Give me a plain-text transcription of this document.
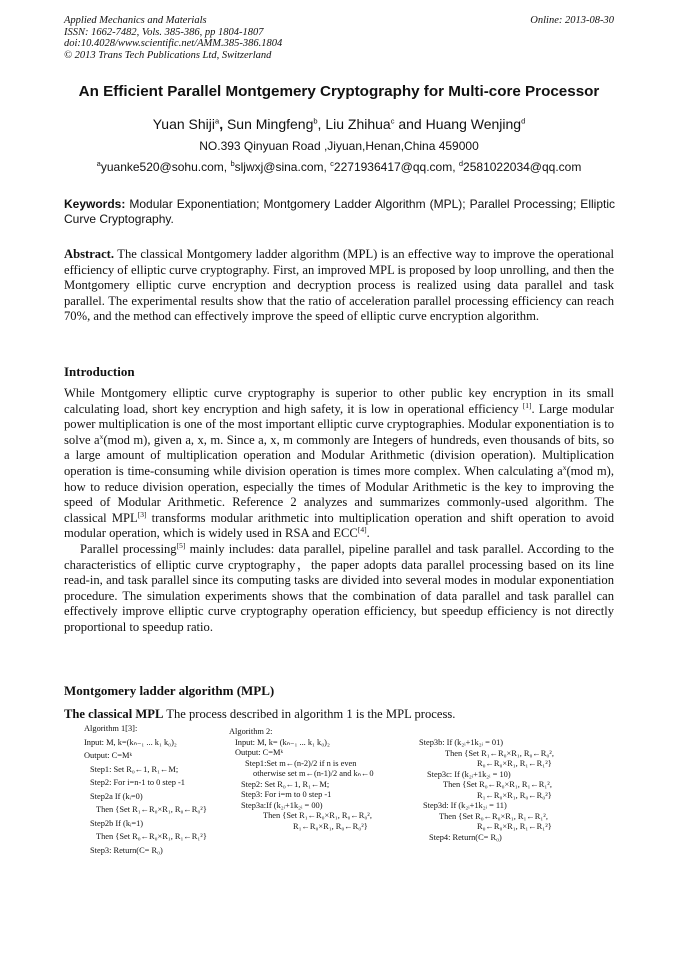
Applied Mechanics and Materials
ISSN: 1662-7482, Vols. 385-386, pp 1804-1807
doi:10.4028/www.scientific.net/AMM.385-386.1804
© 2013 Trans Tech Publications Ltd, Switzerland
Online: 2013-08-30
An Efficient Parallel Montgemery Cryptography for Multi-core Processor
Yuan Shiji$^a$, Sun Mingfeng$^b$, Liu Zhihua$^c$ and Huang Wenjing$^d$
NO.393 Qinyuan Road ,Jiyuan,Henan,China 459000
$^a$yuanke520@sohu.com, $^b$sljwxj@sina.com, $^c$2271936417@qq.com, $^d$2581022034@qq.com
Keywords: Modular Exponentiation; Montgomery Ladder Algorithm (MPL); Parallel Processing; Elliptic Curve Cryptography.
Abstract. The classical Montgomery ladder algorithm (MPL) is an effective way to improve the operational efficiency of elliptic curve cryptography. First, an improved MPL is proposed by loop unrolling, and then the Montgomery elliptic curve encryption and decryption process is realized using data parallel and task parallel. The experimental results show that the ratio of acceleration parallel processing efficiency can reach 70%, and the method can effectively improve the speed of elliptic curve encryption algorithm.
Introduction

While Montgomery elliptic curve cryptography is superior to other public key encryption in its small calculating load, short key encryption and high safety, it is low in operational efficiency [1]. Large modular power multiplication is one of the most important elliptic curve cryptographies. Modular exponentiation is to solve $a^x(mod$ m), given a, x, m. Since a, x, m commonly are Integers of hundreds, even thousands of bits, so a large amount of multiplication operation and Modular Arithmetic (division operation). Multiplication operation is time-consuming while division operation is times more complex. When calculating $a^x(mod$ m), how to reduce division operation, especially the times of Modular Arithmetic is the key to improving the speed of Modular Arithmetic. Reference 2 analyzes and summarizes commonly-used algorithm. The classical MPL[3] transforms modular arithmetic into multiplication operation and shift operation to avoid modular operation, which is widely used in RSA and ECC[4].

Parallel processing[5] mainly includes: data parallel, pipeline parallel and task parallel. According to the characteristics of elliptic curve cryptography，the paper adopts data parallel processing based on its line read-in, and task parallel since its computing tasks are divided into several modes in modular exponentiation procedure. The simulation experiments shows that the combination of data parallel and task parallel can effectively improve elliptic curve cryptography operation efficiency, but speedup efficiency is not directly proportional to speedup ratio.

Montgomery ladder algorithm (MPL)
The classical MPL The process described in algorithm 1 is the MPL process.
Algorithm 1[3]:
Input: M, k=(kₙ₋₁ ... k₁ k₀)₂
Output: C=Mᵏ
Step1: Set R₀←1, R₁←M;
Step2: For i=n-1 to 0 step -1
Step2a If (kᵢ=0)
Then {Set R₁←R₀×R₁, R₀←R₀²}
Step2b If (kᵢ=1)
Then {Set R₀←R₀×R₁, R₁←R₁²}
Step3: Return(C= R₀)
Algorithm 2:
Input: M, k= (kₙ₋₁ ... k₁ k₀)₂
Output: C=Mᵏ
Step1:Set m←(n-2)/2 if n is even
otherwise set m←(n-1)/2 and kₙ←0
Step2: Set R₀←1, R₁←M;
Step3: For i=m to 0 step -1
Step3a:If (k₂ᵢ+1k₂ᵢ = 00)
Then {Set R₁←R₀×R₁, R₀←R₀²,
R₁←R₀×R₁, R₀←R₀²}
Step3b: If (k₂ᵢ+1k₂ᵢ = 01)
Then {Set R₁←R₀×R₁, R₀←R₀²,
R₀←R₀×R₁, R₁←R₁²}
Step3c: If (k₂ᵢ+1k₂ᵢ = 10)
Then {Set R₀←R₀×R₁, R₁←R₁²,
R₁←R₀×R₁, R₀←R₀²}
Step3d: If (k₂ᵢ+1k₂ᵢ = 11)
Then {Set R₀←R₀×R₁, R₁←R₁²,
R₀←R₀×R₁, R₁←R₁²}
Step4: Return(C= R₀)
